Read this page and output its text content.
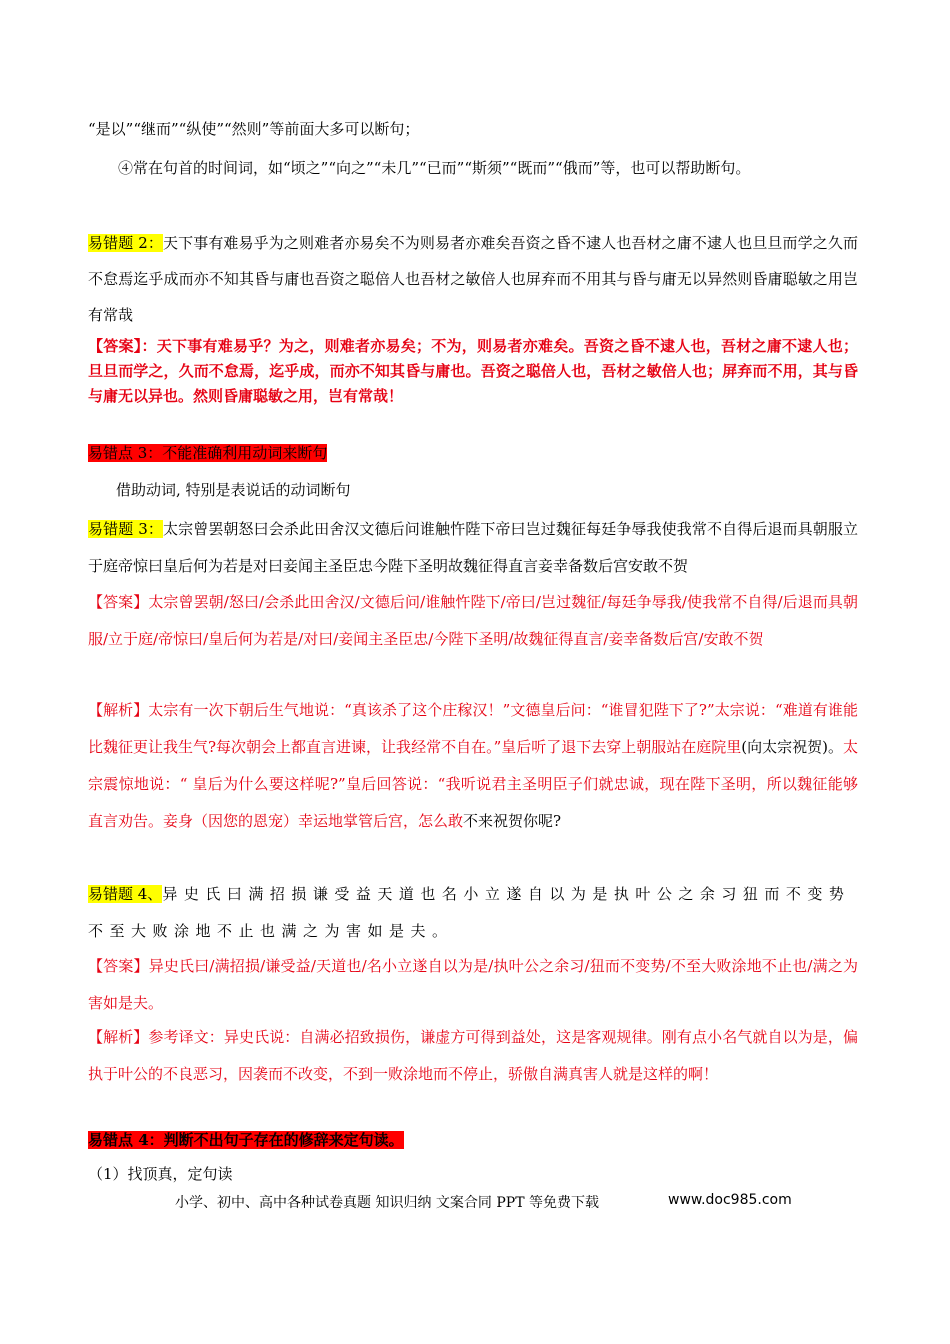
“是以”“继而”“纵使”“然则”等前面大多可以断句；

④常在句首的时间词，如“顷之”“向之”“未几”“已而”“斯须”“既而”“俄而”等，也可以帮助断句。

易错题 2：天下事有难易乎为之则难者亦易矣不为则易者亦难矣吾资之昏不逮人也吾材之庸不逮人也旦旦而学之久而不怠焉迄乎成而亦不知其昏与庸也吾资之聪倍人也吾材之敏倍人也屏弃而不用其与昏与庸无以异然则昏庸聪敏之用岂有常哉

【答案】：天下事有难易乎？为之，则难者亦易矣；不为，则易者亦难矣。吾资之昏不逮人也，吾材之庸不逮人也；旦旦而学之，久而不怠焉，迄乎成，而亦不知其昏与庸也。吾资之聪倍人也，吾材之敏倍人也；屏弃而不用，其与昏与庸无以异也。然则昏庸聪敏之用，岂有常哉！

易错点 3：不能准确利用动词来断句

借助动词, 特别是表说话的动词断句

易错题 3：太宗曾罢朝怒曰会杀此田舍汉文德后问谁触忤陛下帝曰岂过魏征每廷争辱我使我常不自得后退而具朝服立于庭帝惊曰皇后何为若是对曰妾闻主圣臣忠今陛下圣明故魏征得直言妾幸备数后宫安敢不贺

【答案】太宗曾罢朝/怒曰/会杀此田舍汉/文德后问/谁触忤陛下/帝曰/岂过魏征/每廷争辱我/使我常不自得/后退而具朝服/立于庭/帝惊曰/皇后何为若是/对曰/妾闻主圣臣忠/今陛下圣明/故魏征得直言/妾幸备数后宫/安敢不贺

【解析】太宗有一次下朝后生气地说：“真该杀了这个庄稼汉！”文德皇后问：“谁冒犯陛下了?”太宗说：“难道有谁能比魏征更让我生气?每次朝会上都直言进谏，让我经常不自在。”皇后听了退下去穿上朝服站在庭院里(向太宗祝贺)。太宗震惊地说：“ 皇后为什么要这样呢?”皇后回答说：“我听说君主圣明臣子们就忠诚，现在陛下圣明，所以魏征能够直言劝告。妾身（因您的恩宠）幸运地掌管后宫，怎么敢不来祝贺你呢?

易错题 4、异史氏曰满招损谦受益天道也名小立遂自以为是执叶公之余习狃而不变势不至大败涂地不止也满之为害如是夫。

【答案】异史氏曰/满招损/谦受益/天道也/名小立遂自以为是/执叶公之余习/狃而不变势/不至大败涂地不止也/满之为害如是夫。

【解析】参考译文：异史氏说：自满必招致损伤，谦虚方可得到益处，这是客观规律。刚有点小名气就自以为是，偏执于叶公的不良恶习，因袭而不改变，不到一败涂地而不停止，骄傲自满真害人就是这样的啊！

易错点 4：判断不出句子存在的修辞来定句读。

（1）找顶真，定句读

小学、初中、高中各种试卷真题 知识归纳 文案合同 PPT 等免费下载	www.doc985.com
